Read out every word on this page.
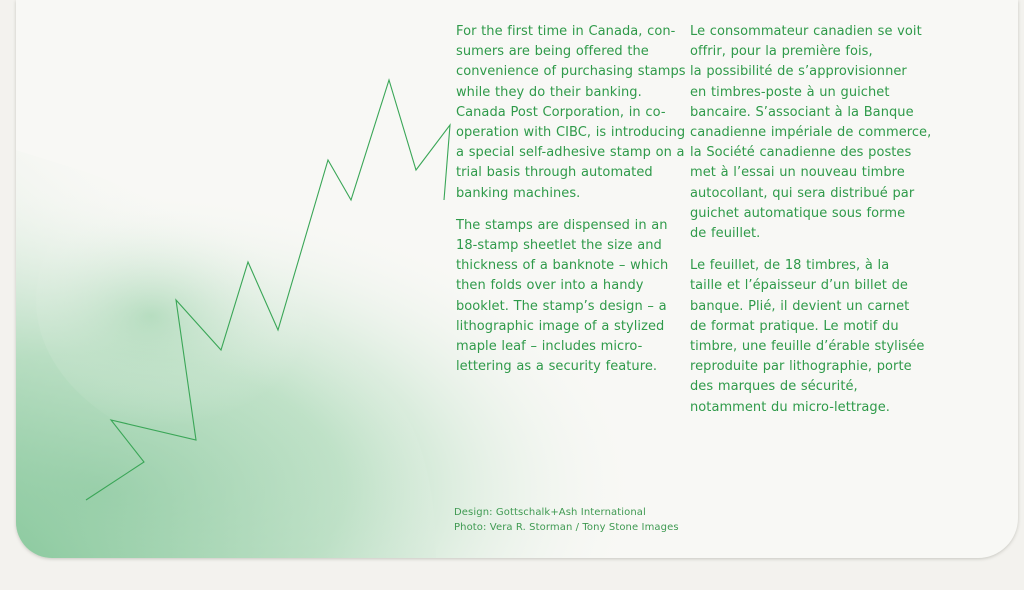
For the first time in Canada, con-
sumers are being offered the
convenience of purchasing stamps
while they do their banking.
Canada Post Corporation, in co-
operation with CIBC, is introducing
a special self-adhesive stamp on a
trial basis through automated
banking machines.

The stamps are dispensed in an
18-stamp sheetlet the size and
thickness of a banknote – which
then folds over into a handy
booklet. The stamp’s design – a
lithographic image of a stylized
maple leaf – includes micro-
lettering as a security feature.

Le consommateur canadien se voit
offrir, pour la première fois,
la possibilité de s’approvisionner
en timbres-poste à un guichet
bancaire. S’associant à la Banque
canadienne impériale de commerce,
la Société canadienne des postes
met à l’essai un nouveau timbre
autocollant, qui sera distribué par
guichet automatique sous forme
de feuillet.

Le feuillet, de 18 timbres, à la
taille et l’épaisseur d’un billet de
banque. Plié, il devient un carnet
de format pratique. Le motif du
timbre, une feuille d’érable stylisée
reproduite par lithographie, porte
des marques de sécurité,
notamment du micro-lettrage.

Design: Gottschalk+Ash International
Photo: Vera R. Storman / Tony Stone Images
